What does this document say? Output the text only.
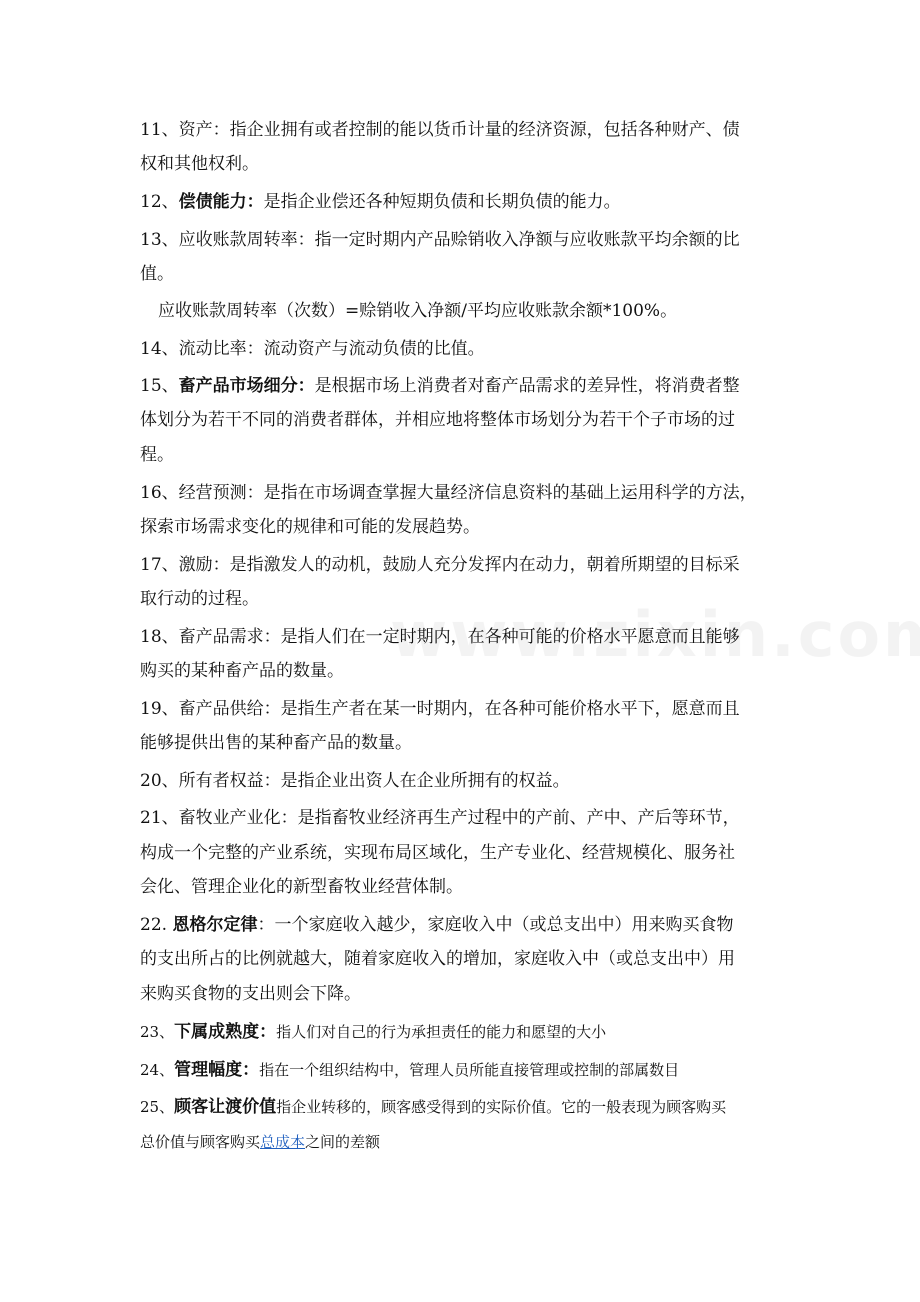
11、资产：指企业拥有或者控制的能以货币计量的经济资源，包括各种财产、债
权和其他权利。
12、偿债能力：是指企业偿还各种短期负债和长期负债的能力。
13、应收账款周转率：指一定时期内产品赊销收入净额与应收账款平均余额的比
值。
应收账款周转率（次数）=赊销收入净额/平均应收账款余额*100%。
14、流动比率：流动资产与流动负债的比值。
15、畜产品市场细分：是根据市场上消费者对畜产品需求的差异性，将消费者整
体划分为若干不同的消费者群体，并相应地将整体市场划分为若干个子市场的过
程。
16、经营预测：是指在市场调查掌握大量经济信息资料的基础上运用科学的方法，
探索市场需求变化的规律和可能的发展趋势。
17、激励：是指激发人的动机，鼓励人充分发挥内在动力，朝着所期望的目标采
取行动的过程。
18、畜产品需求：是指人们在一定时期内，在各种可能的价格水平愿意而且能够
购买的某种畜产品的数量。
19、畜产品供给：是指生产者在某一时期内，在各种可能价格水平下，愿意而且
能够提供出售的某种畜产品的数量。
20、所有者权益：是指企业出资人在企业所拥有的权益。
21、畜牧业产业化：是指畜牧业经济再生产过程中的产前、产中、产后等环节，
构成一个完整的产业系统，实现布局区域化，生产专业化、经营规模化、服务社
会化、管理企业化的新型畜牧业经营体制。
22. 恩格尔定律：一个家庭收入越少，家庭收入中（或总支出中）用来购买食物
的支出所占的比例就越大，随着家庭收入的增加，家庭收入中（或总支出中）用
来购买食物的支出则会下降。
23、下属成熟度：指人们对自己的行为承担责任的能力和愿望的大小
24、管理幅度：指在一个组织结构中，管理人员所能直接管理或控制的部属数目
25、顾客让渡价值指企业转移的，顾客感受得到的实际价值。它的一般表现为顾客购买
总价值与顾客购买总成本之间的差额
